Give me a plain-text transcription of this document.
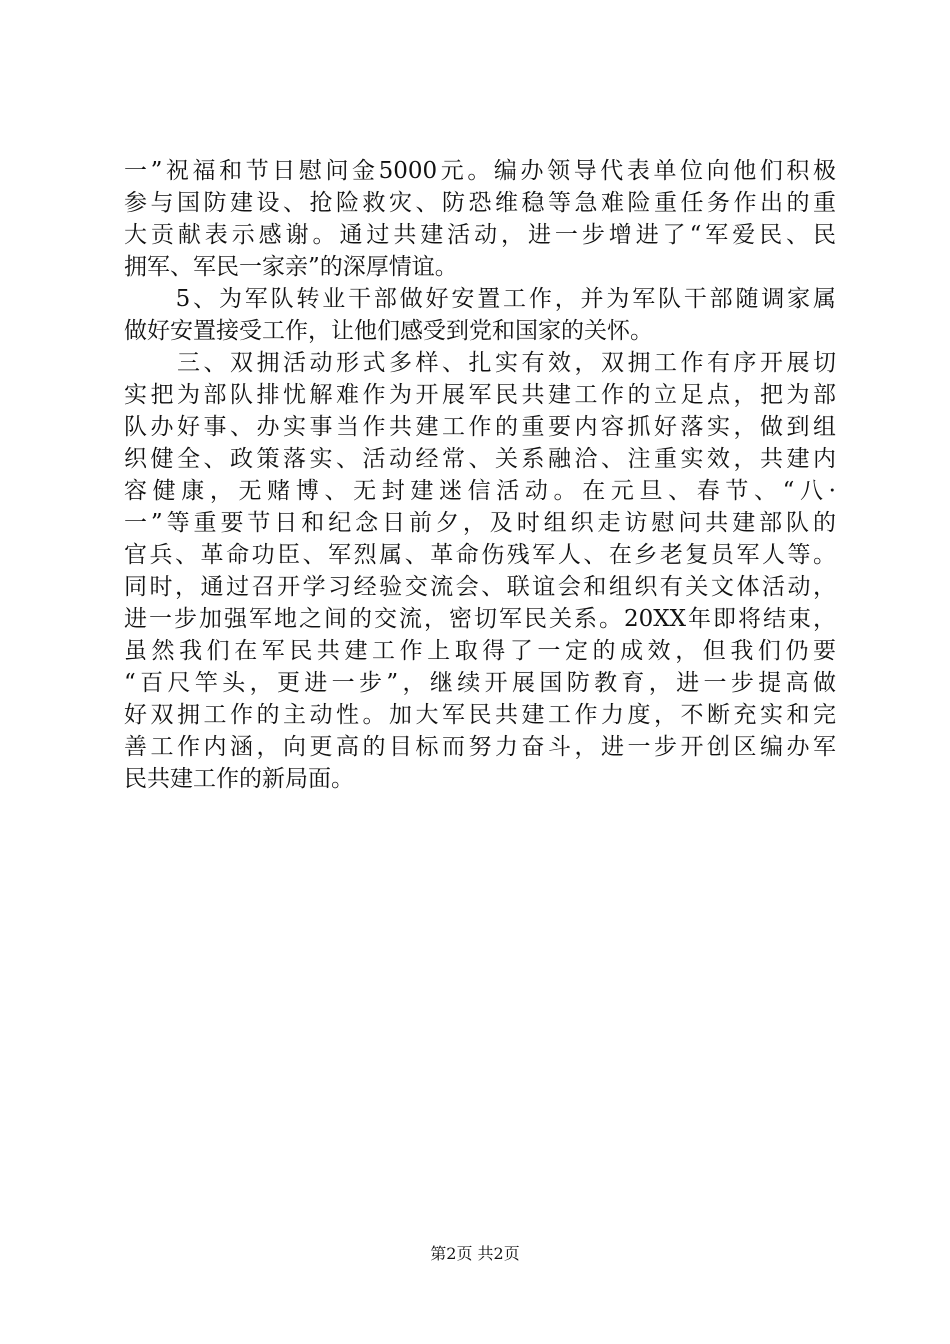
一”祝福和节日慰问金5000元。编办领导代表单位向他们积极
参与国防建设、抢险救灾、防恐维稳等急难险重任务作出的重
大贡献表示感谢。通过共建活动，进一步增进了“军爱民、民
拥军、军民一家亲”的深厚情谊。
　　5、为军队转业干部做好安置工作，并为军队干部随调家属
做好安置接受工作，让他们感受到党和国家的关怀。
　　三、双拥活动形式多样、扎实有效，双拥工作有序开展切
实把为部队排忧解难作为开展军民共建工作的立足点，把为部
队办好事、办实事当作共建工作的重要内容抓好落实，做到组
织健全、政策落实、活动经常、关系融洽、注重实效，共建内
容健康，无赌博、无封建迷信活动。在元旦、春节、“八·
一”等重要节日和纪念日前夕，及时组织走访慰问共建部队的
官兵、革命功臣、军烈属、革命伤残军人、在乡老复员军人等。
同时，通过召开学习经验交流会、联谊会和组织有关文体活动，
进一步加强军地之间的交流，密切军民关系。20XX年即将结束，
虽然我们在军民共建工作上取得了一定的成效，但我们仍要
“百尺竿头，更进一步”，继续开展国防教育，进一步提高做
好双拥工作的主动性。加大军民共建工作力度，不断充实和完
善工作内涵，向更高的目标而努力奋斗，进一步开创区编办军
民共建工作的新局面。
第2页 共2页
